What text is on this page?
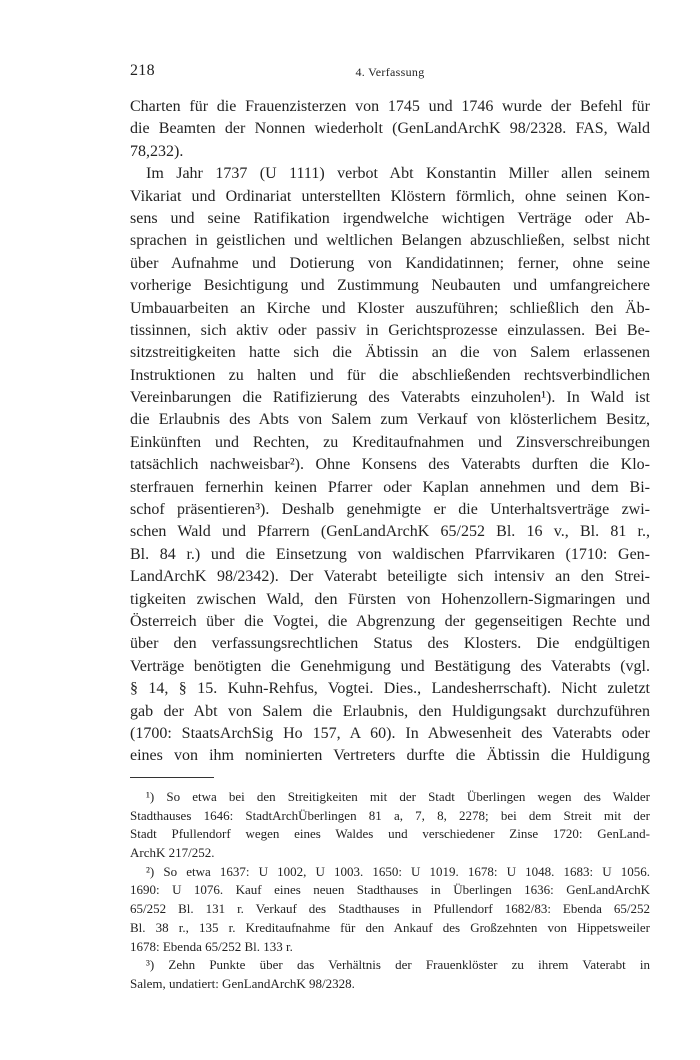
218	4. Verfassung
Charten für die Frauenzisterzen von 1745 und 1746 wurde der Befehl für
die Beamten der Nonnen wiederholt (GenLandArchK 98/2328. FAS, Wald
78,232).
Im Jahr 1737 (U 1111) verbot Abt Konstantin Miller allen seinem
Vikariat und Ordinariat unterstellten Klöstern förmlich, ohne seinen Kon-
sens und seine Ratifikation irgendwelche wichtigen Verträge oder Ab-
sprachen in geistlichen und weltlichen Belangen abzuschließen, selbst nicht
über Aufnahme und Dotierung von Kandidatinnen; ferner, ohne seine
vorherige Besichtigung und Zustimmung Neubauten und umfangreichere
Umbauarbeiten an Kirche und Kloster auszuführen; schließlich den Äb-
tissinnen, sich aktiv oder passiv in Gerichtsprozesse einzulassen. Bei Be-
sitzstreitigkeiten hatte sich die Äbtissin an die von Salem erlassenen
Instruktionen zu halten und für die abschließenden rechtsverbindlichen
Vereinbarungen die Ratifizierung des Vaterabts einzuholen¹). In Wald ist
die Erlaubnis des Abts von Salem zum Verkauf von klösterlichem Besitz,
Einkünften und Rechten, zu Kreditaufnahmen und Zinsverschreibungen
tatsächlich nachweisbar²). Ohne Konsens des Vaterabts durften die Klo-
sterfrauen fernerhin keinen Pfarrer oder Kaplan annehmen und dem Bi-
schof präsentieren³). Deshalb genehmigte er die Unterhaltsverträge zwi-
schen Wald und Pfarrern (GenLandArchK 65/252 Bl. 16 v., Bl. 81 r.,
Bl. 84 r.) und die Einsetzung von waldischen Pfarrvikaren (1710: Gen-
LandArchK 98/2342). Der Vaterabt beteiligte sich intensiv an den Strei-
tigkeiten zwischen Wald, den Fürsten von Hohenzollern-Sigmaringen und
Österreich über die Vogtei, die Abgrenzung der gegenseitigen Rechte und
über den verfassungsrechtlichen Status des Klosters. Die endgültigen
Verträge benötigten die Genehmigung und Bestätigung des Vaterabts (vgl.
§ 14, § 15. Kuhn-Rehfus, Vogtei. Dies., Landesherrschaft). Nicht zuletzt
gab der Abt von Salem die Erlaubnis, den Huldigungsakt durchzuführen
(1700: StaatsArchSig Ho 157, A 60). In Abwesenheit des Vaterabts oder
eines von ihm nominierten Vertreters durfte die Äbtissin die Huldigung
¹) So etwa bei den Streitigkeiten mit der Stadt Überlingen wegen des Walder
Stadthauses 1646: StadtArchÜberlingen 81 a, 7, 8, 2278; bei dem Streit mit der
Stadt Pfullendorf wegen eines Waldes und verschiedener Zinse 1720: GenLand-
ArchK 217/252.
²) So etwa 1637: U 1002, U 1003. 1650: U 1019. 1678: U 1048. 1683: U 1056.
1690: U 1076. Kauf eines neuen Stadthauses in Überlingen 1636: GenLandArchK
65/252 Bl. 131 r. Verkauf des Stadthauses in Pfullendorf 1682/83: Ebenda 65/252
Bl. 38 r., 135 r. Kreditaufnahme für den Ankauf des Großzehnten von Hippetsweiler
1678: Ebenda 65/252 Bl. 133 r.
³) Zehn Punkte über das Verhältnis der Frauenklöster zu ihrem Vaterabt in
Salem, undatiert: GenLandArchK 98/2328.
